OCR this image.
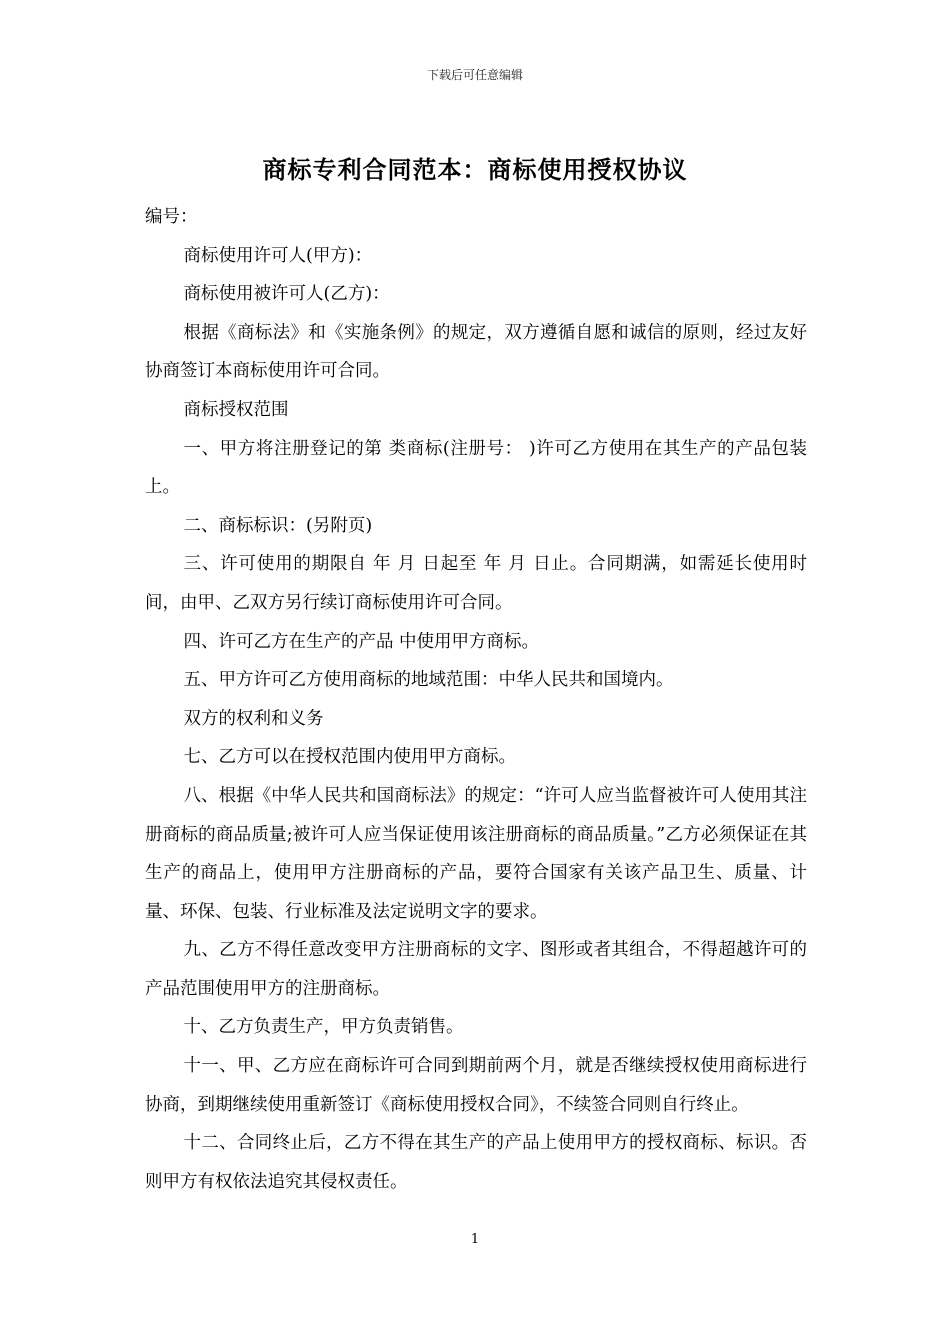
下载后可任意编辑
商标专利合同范本：商标使用授权协议

编号：

商标使用许可人(甲方)：

商标使用被许可人(乙方)：

根据《商标法》和《实施条例》的规定，双方遵循自愿和诚信的原则，经过友好协商签订本商标使用许可合同。

商标授权范围

一、甲方将注册登记的第 类商标(注册号： )许可乙方使用在其生产的产品包装上。

二、商标标识：(另附页)

三、许可使用的期限自 年 月 日起至 年 月 日止。合同期满，如需延长使用时间，由甲、乙双方另行续订商标使用许可合同。

四、许可乙方在生产的产品 中使用甲方商标。

五、甲方许可乙方使用商标的地域范围：中华人民共和国境内。

双方的权利和义务

七、乙方可以在授权范围内使用甲方商标。

八、根据《中华人民共和国商标法》的规定：“许可人应当监督被许可人使用其注册商标的商品质量;被许可人应当保证使用该注册商标的商品质量。”乙方必须保证在其生产的商品上，使用甲方注册商标的产品，要符合国家有关该产品卫生、质量、计量、环保、包装、行业标准及法定说明文字的要求。

九、乙方不得任意改变甲方注册商标的文字、图形或者其组合，不得超越许可的产品范围使用甲方的注册商标。

十、乙方负责生产，甲方负责销售。

十一、甲、乙方应在商标许可合同到期前两个月，就是否继续授权使用商标进行协商，到期继续使用重新签订《商标使用授权合同》，不续签合同则自行终止。

十二、合同终止后，乙方不得在其生产的产品上使用甲方的授权商标、标识。否则甲方有权依法追究其侵权责任。

1
